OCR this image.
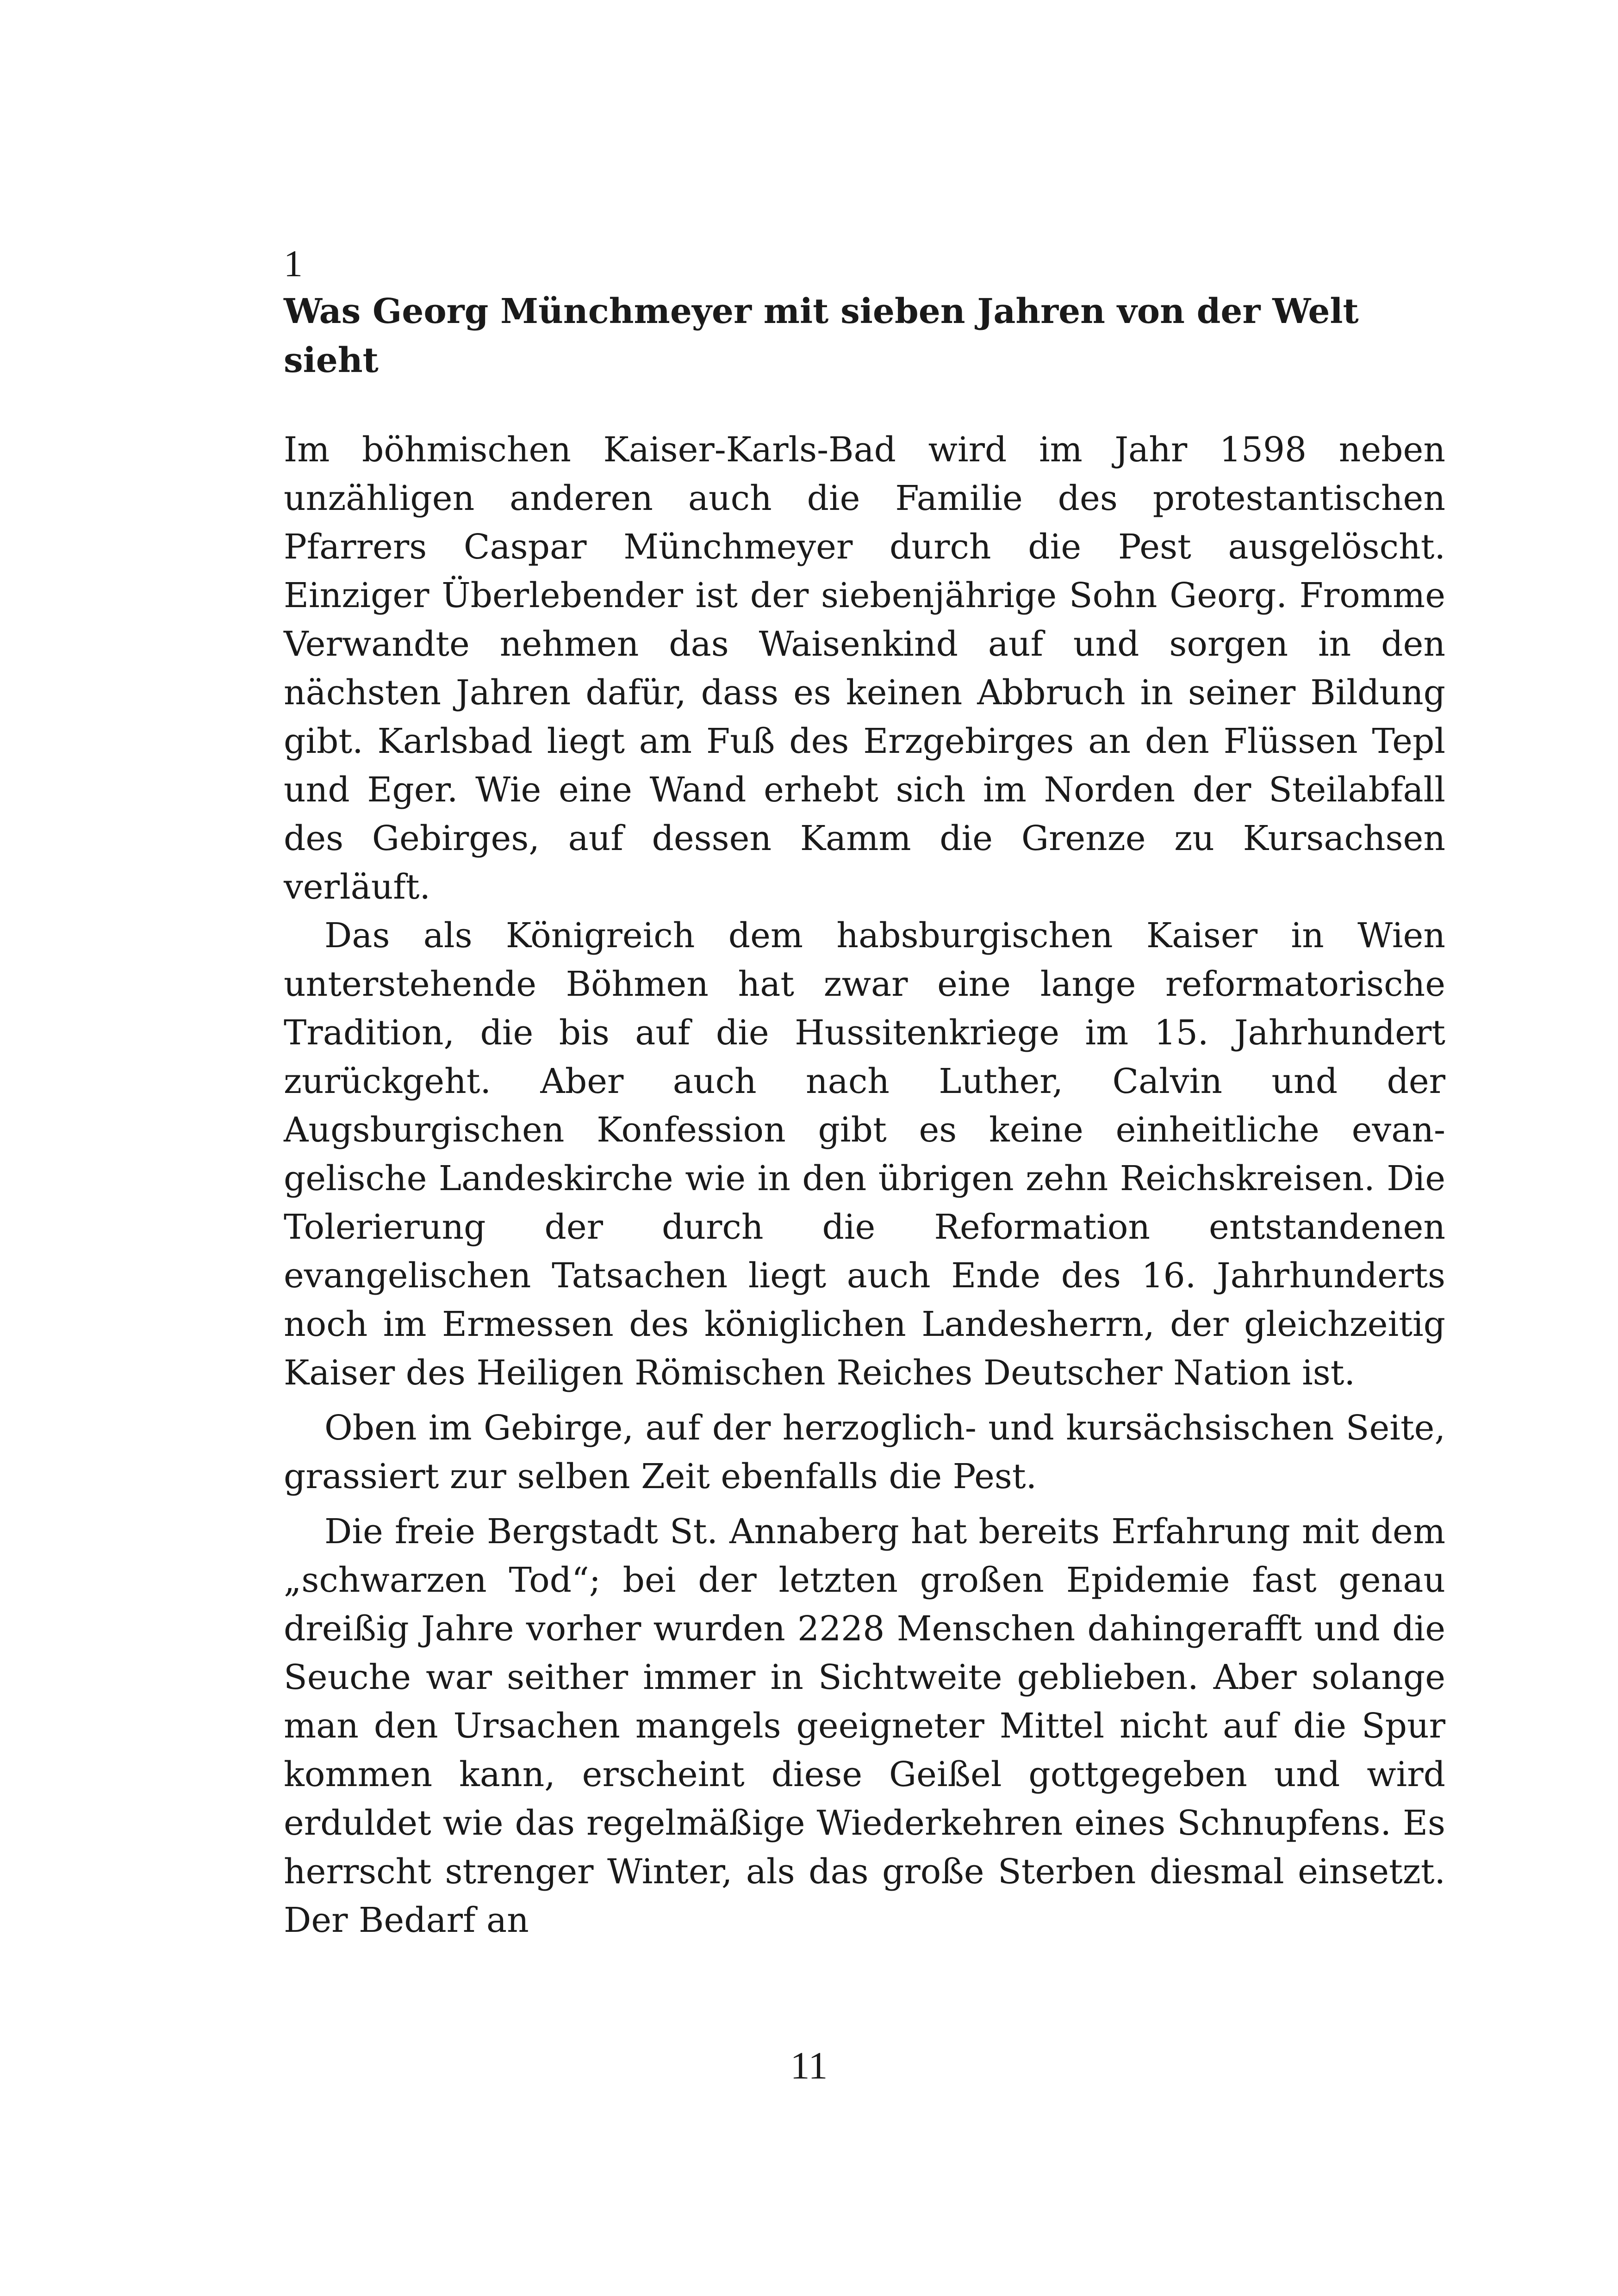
1
Was Georg Münchmeyer mit sieben Jahren von der Welt sieht

Im böhmischen Kaiser-Karls-Bad wird im Jahr 1598 neben unzähligen anderen auch die Familie des protestantischen Pfarrers Caspar Münchmeyer durch die Pest ausgelöscht. Einziger Überlebender ist der siebenjährige Sohn Georg. Fromme Verwandte nehmen das Waisenkind auf und sorgen in den nächsten Jahren dafür, dass es keinen Abbruch in seiner Bildung gibt. Karlsbad liegt am Fuß des Erzgebirges an den Flüssen Tepl und Eger. Wie eine Wand erhebt sich im Norden der Steilabfall des Gebirges, auf dessen Kamm die Grenze zu Kursachsen verläuft.

Das als Königreich dem habsburgischen Kaiser in Wien unterstehende Böhmen hat zwar eine lange reformatorische Tradition, die bis auf die Hussitenkriege im 15. Jahrhundert zurückgeht. Aber auch nach Luther, Calvin und der Augsburgischen Konfession gibt es keine einheitliche evangelische Landeskirche wie in den übrigen zehn Reichskreisen. Die Tolerierung der durch die Reformation entstandenen evangelischen Tatsachen liegt auch Ende des 16. Jahrhunderts noch im Ermessen des königlichen Landesherrn, der gleichzeitig Kaiser des Heiligen Römischen Reiches Deutscher Nation ist.

Oben im Gebirge, auf der herzoglich- und kursächsischen Seite, grassiert zur selben Zeit ebenfalls die Pest.

Die freie Bergstadt St. Annaberg hat bereits Erfahrung mit dem „schwarzen Tod“; bei der letzten großen Epidemie fast genau dreißig Jahre vorher wurden 2228 Menschen dahingerafft und die Seuche war seither immer in Sichtweite geblieben. Aber solange man den Ursachen mangels geeigneter Mittel nicht auf die Spur kommen kann, erscheint diese Geißel gottgegeben und wird erduldet wie das regelmäßige Wiederkehren eines Schnupfens. Es herrscht strenger Winter, als das große Sterben diesmal einsetzt. Der Bedarf an

11
